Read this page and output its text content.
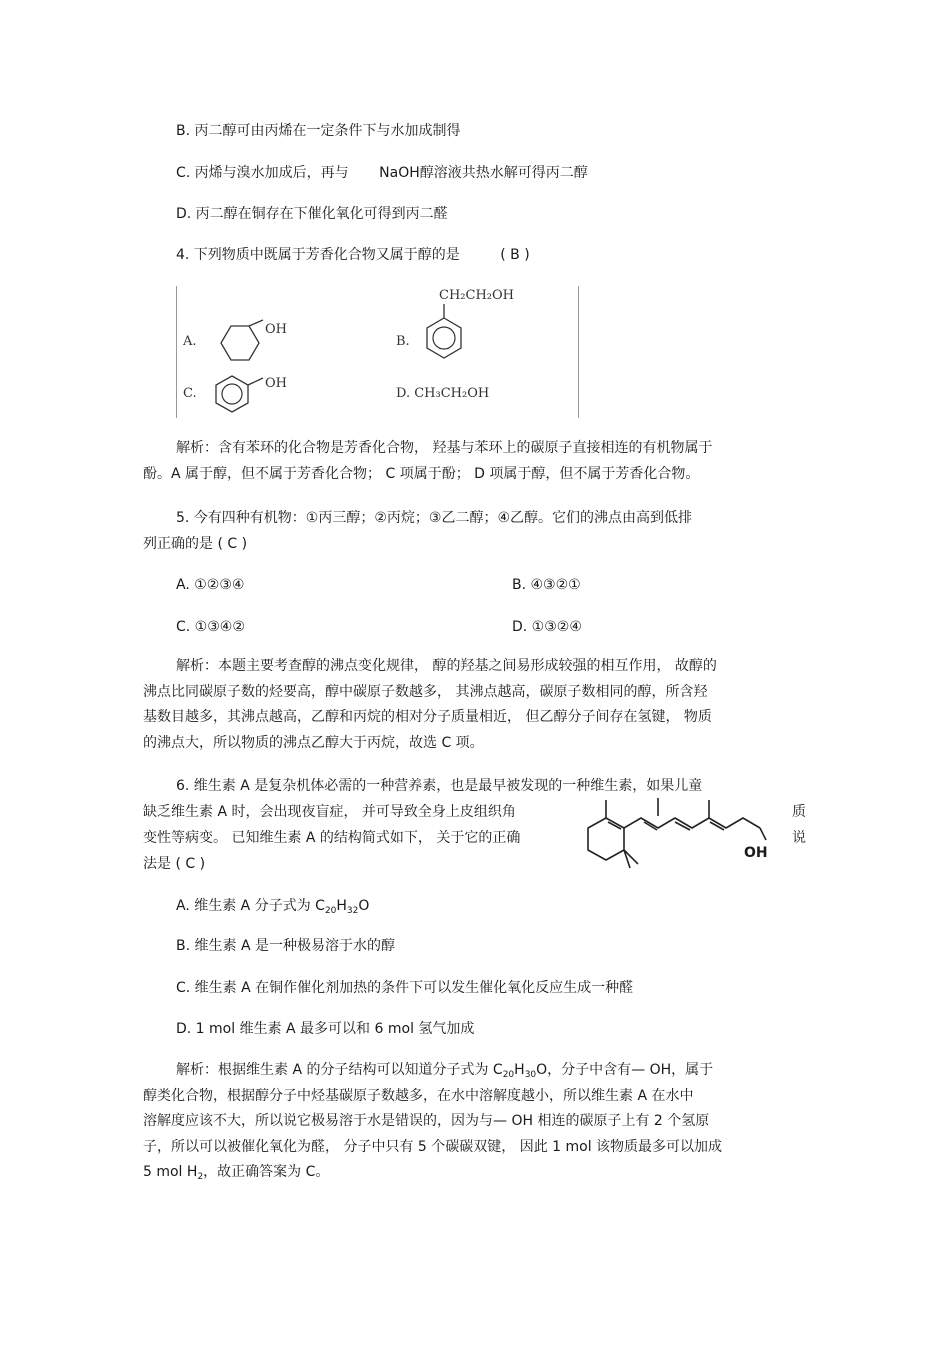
B. 丙二醇可由丙烯在一定条件下与水加成制得
C. 丙烯与溴水加成后，再与 NaOH醇溶液共热水解可得丙二醇
D. 丙二醇在铜存在下催化氧化可得到丙二醛
4. 下列物质中既属于芳香化合物又属于醇的是	( B )
A.
OH
B.
CH₂CH₂OH
C.
OH
D. CH₃CH₂OH
解析：含有苯环的化合物是芳香化合物， 羟基与苯环上的碳原子直接相连的有机物属于
酚。A 属于醇，但不属于芳香化合物； C 项属于酚； D 项属于醇，但不属于芳香化合物。
5. 今有四种有机物：①丙三醇；②丙烷；③乙二醇；④乙醇。它们的沸点由高到低排
列正确的是 ( C )
A. ①②③④	B. ④③②①
C. ①③④②	D. ①③②④
解析：本题主要考查醇的沸点变化规律， 醇的羟基之间易形成较强的相互作用， 故醇的
沸点比同碳原子数的烃要高，醇中碳原子数越多， 其沸点越高，碳原子数相同的醇，所含羟
基数目越多，其沸点越高，乙醇和丙烷的相对分子质量相近， 但乙醇分子间存在氢键， 物质
的沸点大，所以物质的沸点乙醇大于丙烷，故选 C 项。
6. 维生素 A 是复杂机体必需的一种营养素，也是最早被发现的一种维生素，如果儿童
缺乏维生素 A 时，会出现夜盲症， 并可导致全身上皮组织角	质
变性等病变。 已知维生素 A 的结构简式如下， 关于它的正确	说
法是 ( C )
OH
A. 维生素 A 分子式为 $C_{20}H_{32}O$
B. 维生素 A 是一种极易溶于水的醇
C. 维生素 A 在铜作催化剂加热的条件下可以发生催化氧化反应生成一种醛
D. 1 mol 维生素 A 最多可以和 6 mol 氢气加成
解析：根据维生素 A 的分子结构可以知道分子式为 $C_{20}H_{30}O$，分子中含有— OH，属于
醇类化合物，根据醇分子中烃基碳原子数越多，在水中溶解度越小，所以维生素 A 在水中
溶解度应该不大，所以说它极易溶于水是错误的，因为与— OH 相连的碳原子上有 2 个氢原
子，所以可以被催化氧化为醛， 分子中只有 5 个碳碳双键， 因此 1 mol 该物质最多可以加成
5 mol $H_2$，故正确答案为 C。
